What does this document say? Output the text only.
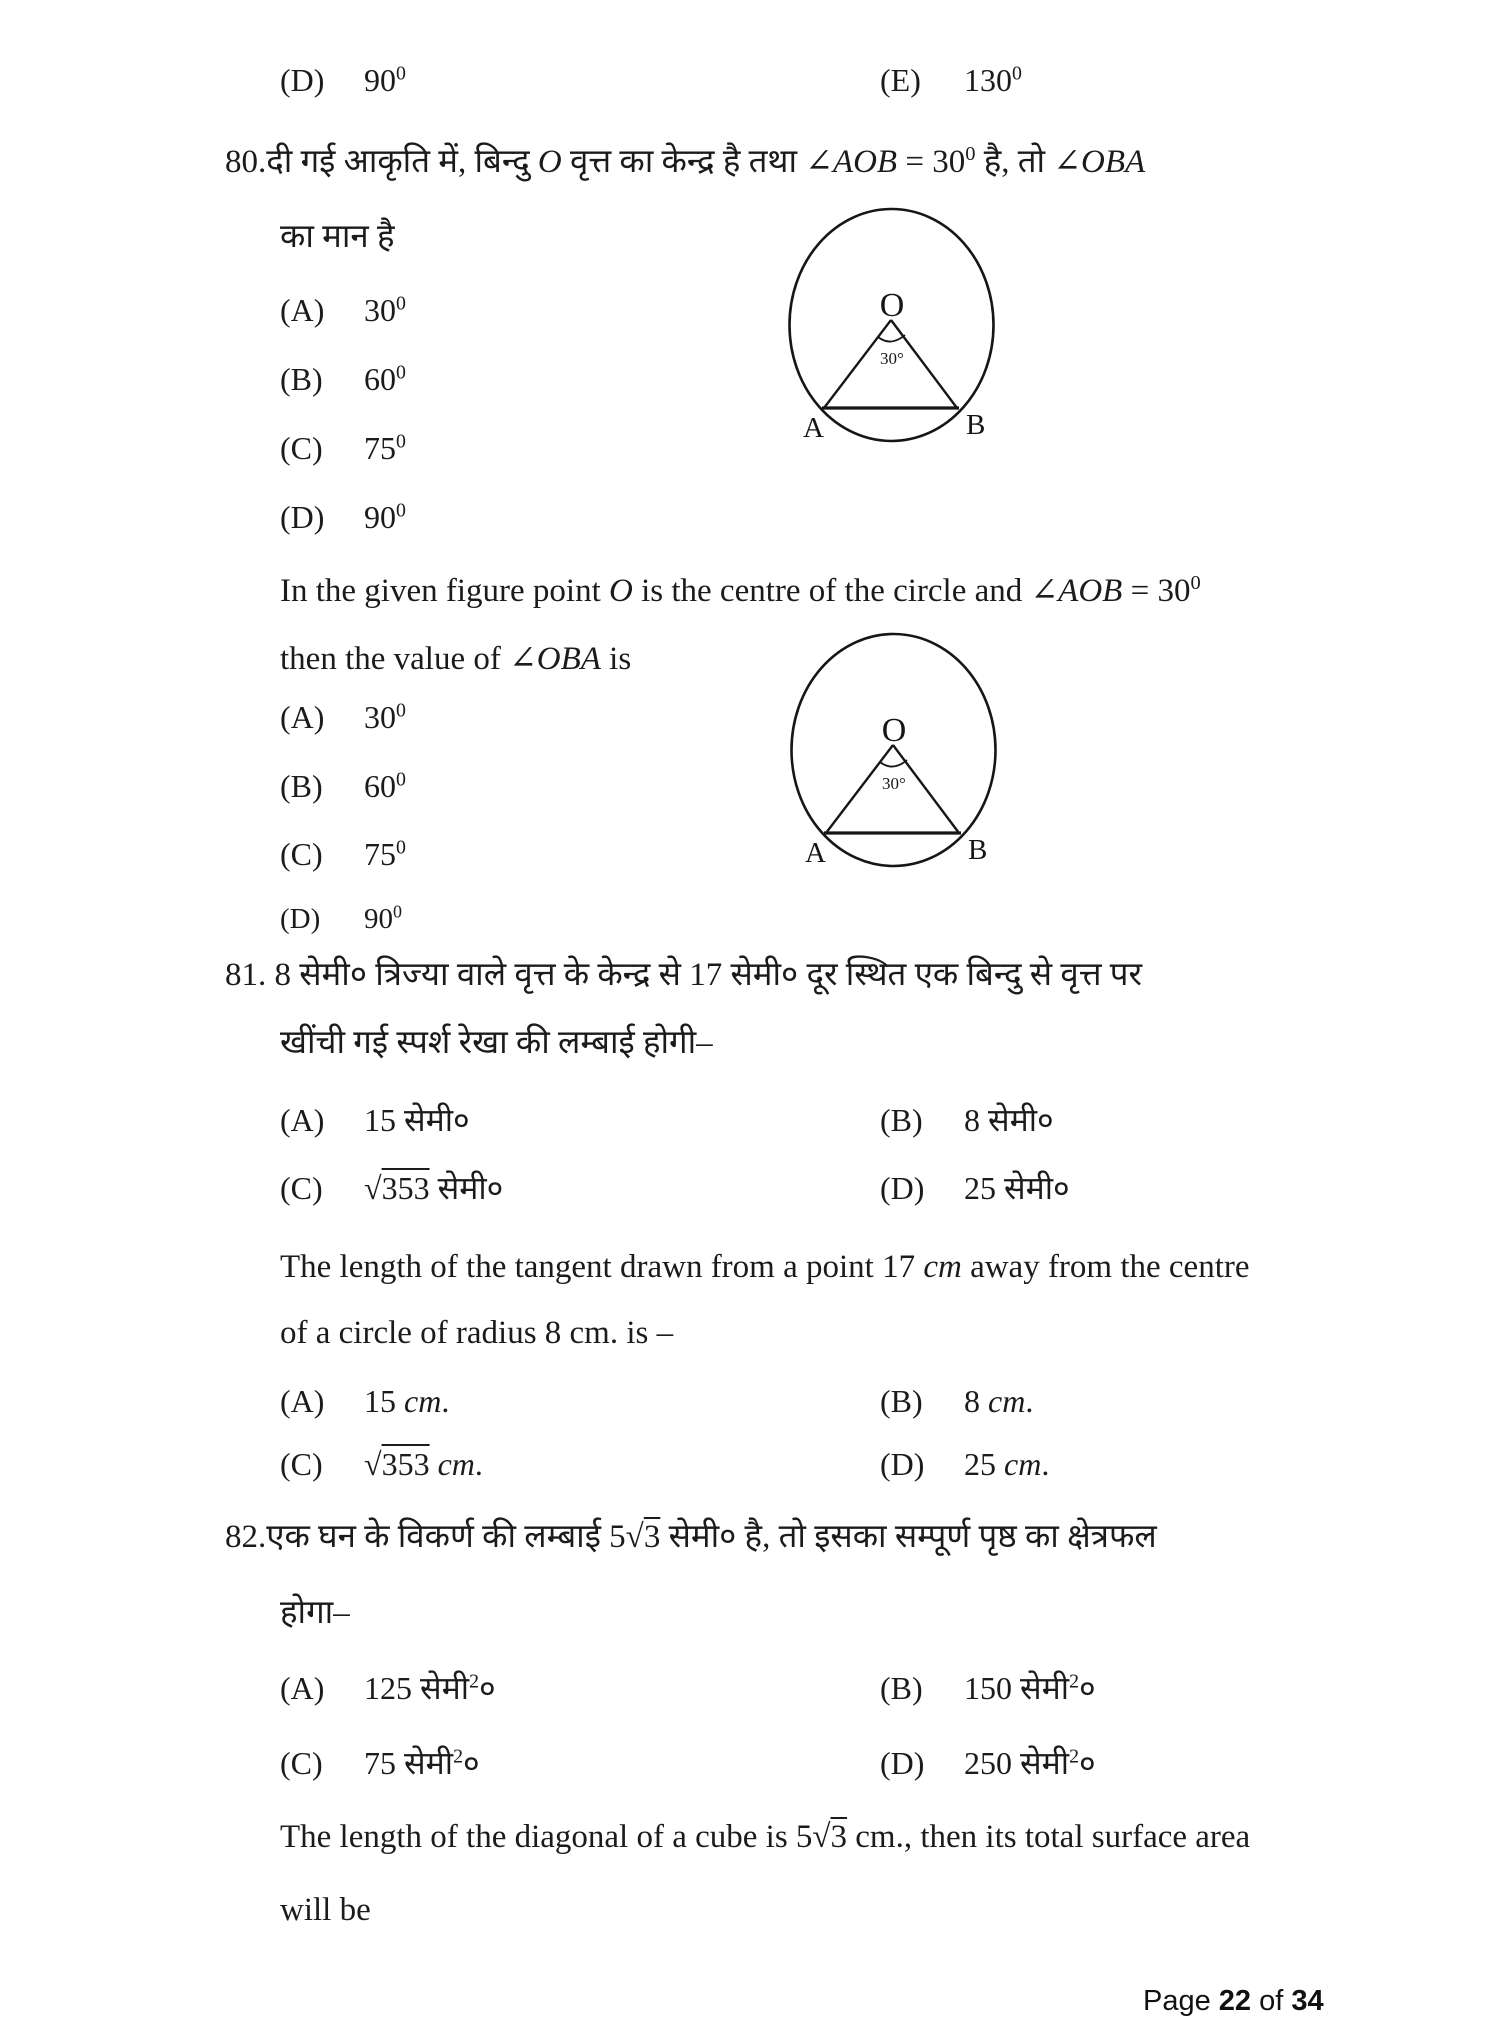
(D) $90^0$	(E) $130^0$
80.दी गई आकृति में, बिन्दु O वृत्त का केन्द्र है तथा ∠AOB = $30^0$ है, तो ∠OBA
का मान है
(A) $30^0$
(B) $60^0$
(C) $75^0$
(D) $90^0$
O
30°
A	B
In the given figure point O is the centre of the circle and ∠AOB = $30^0$
then the value of ∠OBA is
(A) $30^0$
(B) $60^0$
(C) $75^0$
(D) $90^0$
O
30°
A	B
81. 8 सेमी० त्रिज्या वाले वृत्त के केन्द्र से 17 सेमी० दूर स्थित एक बिन्दु से वृत्त पर
खींची गई स्पर्श रेखा की लम्बाई होगी–
(A) 15 सेमी०	(B) 8 सेमी०
(C) √353 सेमी०	(D) 25 सेमी०
The length of the tangent drawn from a point 17 cm away from the centre
of a circle of radius 8 cm. is –
(A) 15 cm.	(B) 8 cm.
(C) √353 cm.	(D) 25 cm.
82.एक घन के विकर्ण की लम्बाई 5√3 सेमी० है, तो इसका सम्पूर्ण पृष्ठ का क्षेत्रफल
होगा–
(A) 125 सेमी$^2$०	(B) 150 सेमी$^2$०
(C) 75 सेमी$^2$०	(D) 250 सेमी$^2$०
The length of the diagonal of a cube is 5√3 cm., then its total surface area
will be
Page 22 of 34
